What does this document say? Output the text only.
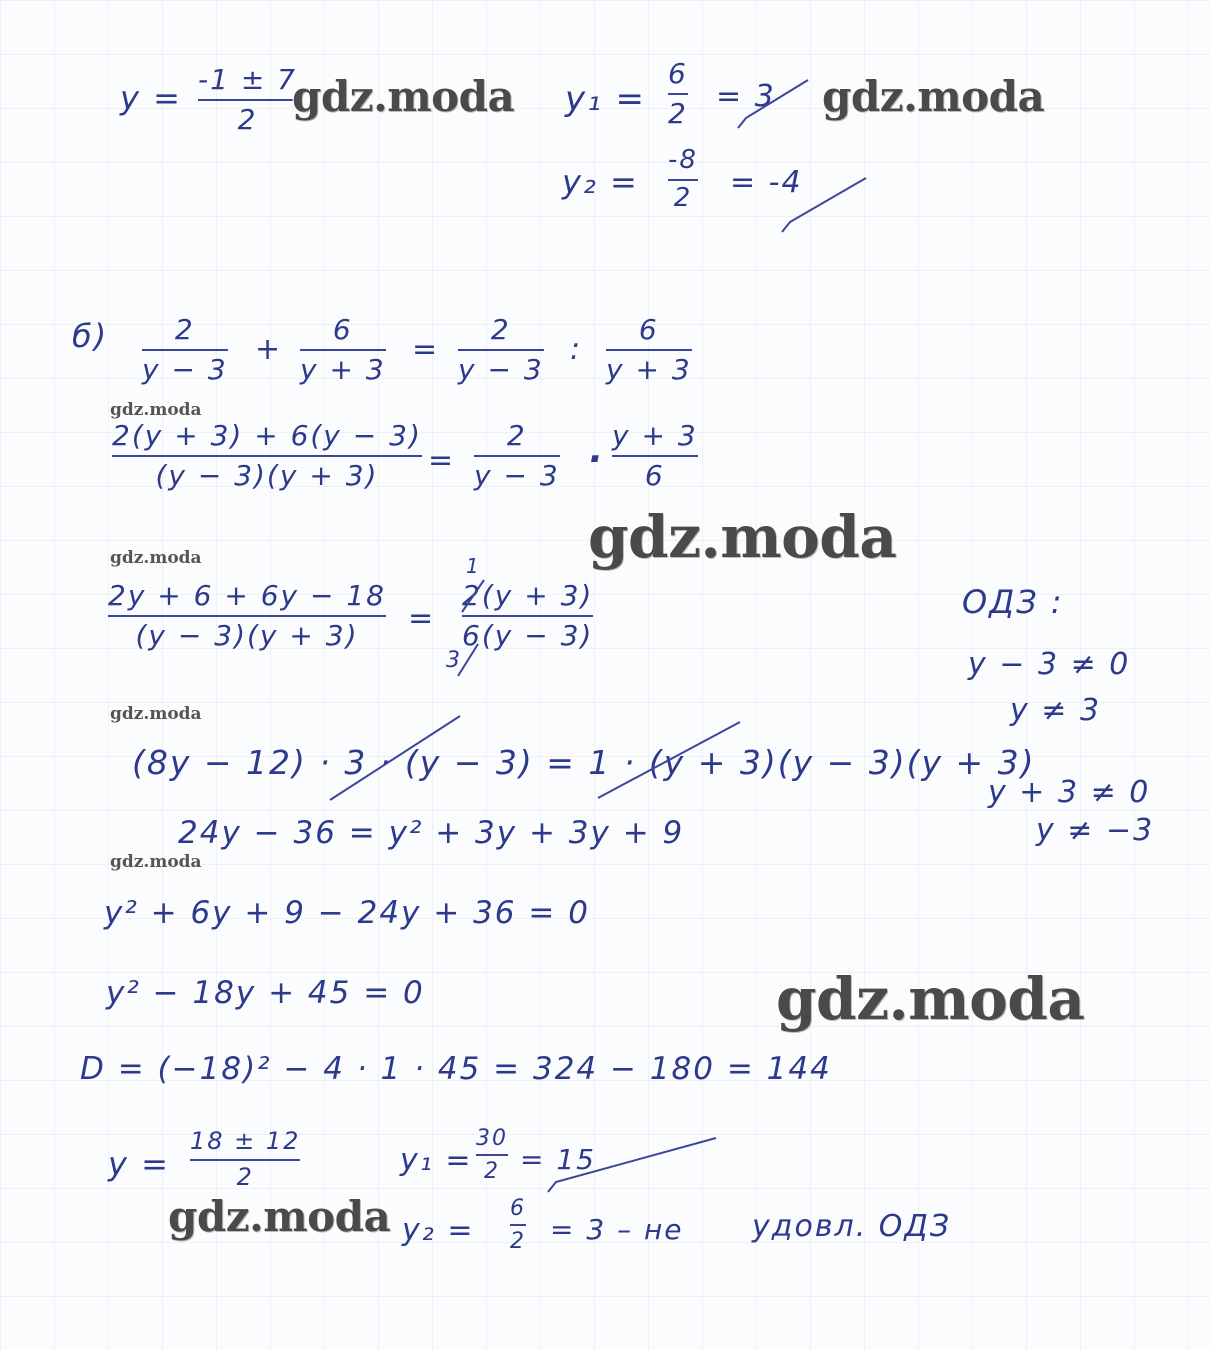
y = -1 ± 7
2
y₁ =
6
2 = 3
y₂ =
-8
2 = -4
б) 2
y − 3
+
6
y + 3
=
2
y − 3
:
6
y + 3
2(y + 3) + 6(y − 3)
(y − 3)(y + 3) =
2
y − 3 ·
y + 3
6
2y + 6 + 6y − 18
(y − 3)(y + 3) =
1
3
2(y + 3)
6(y − 3)
(8y − 12) · 3 · (y − 3) = 1 · (y + 3)(y − 3)(y + 3)
24y − 36 = y² + 3y + 3y + 9
y² + 6y + 9 − 24y + 36 = 0
y² − 18y + 45 = 0
D = (−18)² − 4 · 1 · 45 = 324 − 180 = 144
y =
18 ± 12
2	y₁ =
30
2 = 15
y₂ =
6
2 = 3 – не удовл. ОДЗ
ОДЗ :
y − 3 ≠ 0
y ≠ 3
y + 3 ≠ 0
y ≠ −3
gdz.moda	gdz.moda
gdz.moda
gdz.moda
gdz.moda
gdz.moda
gdz.moda
gdz.moda
gdz.moda
